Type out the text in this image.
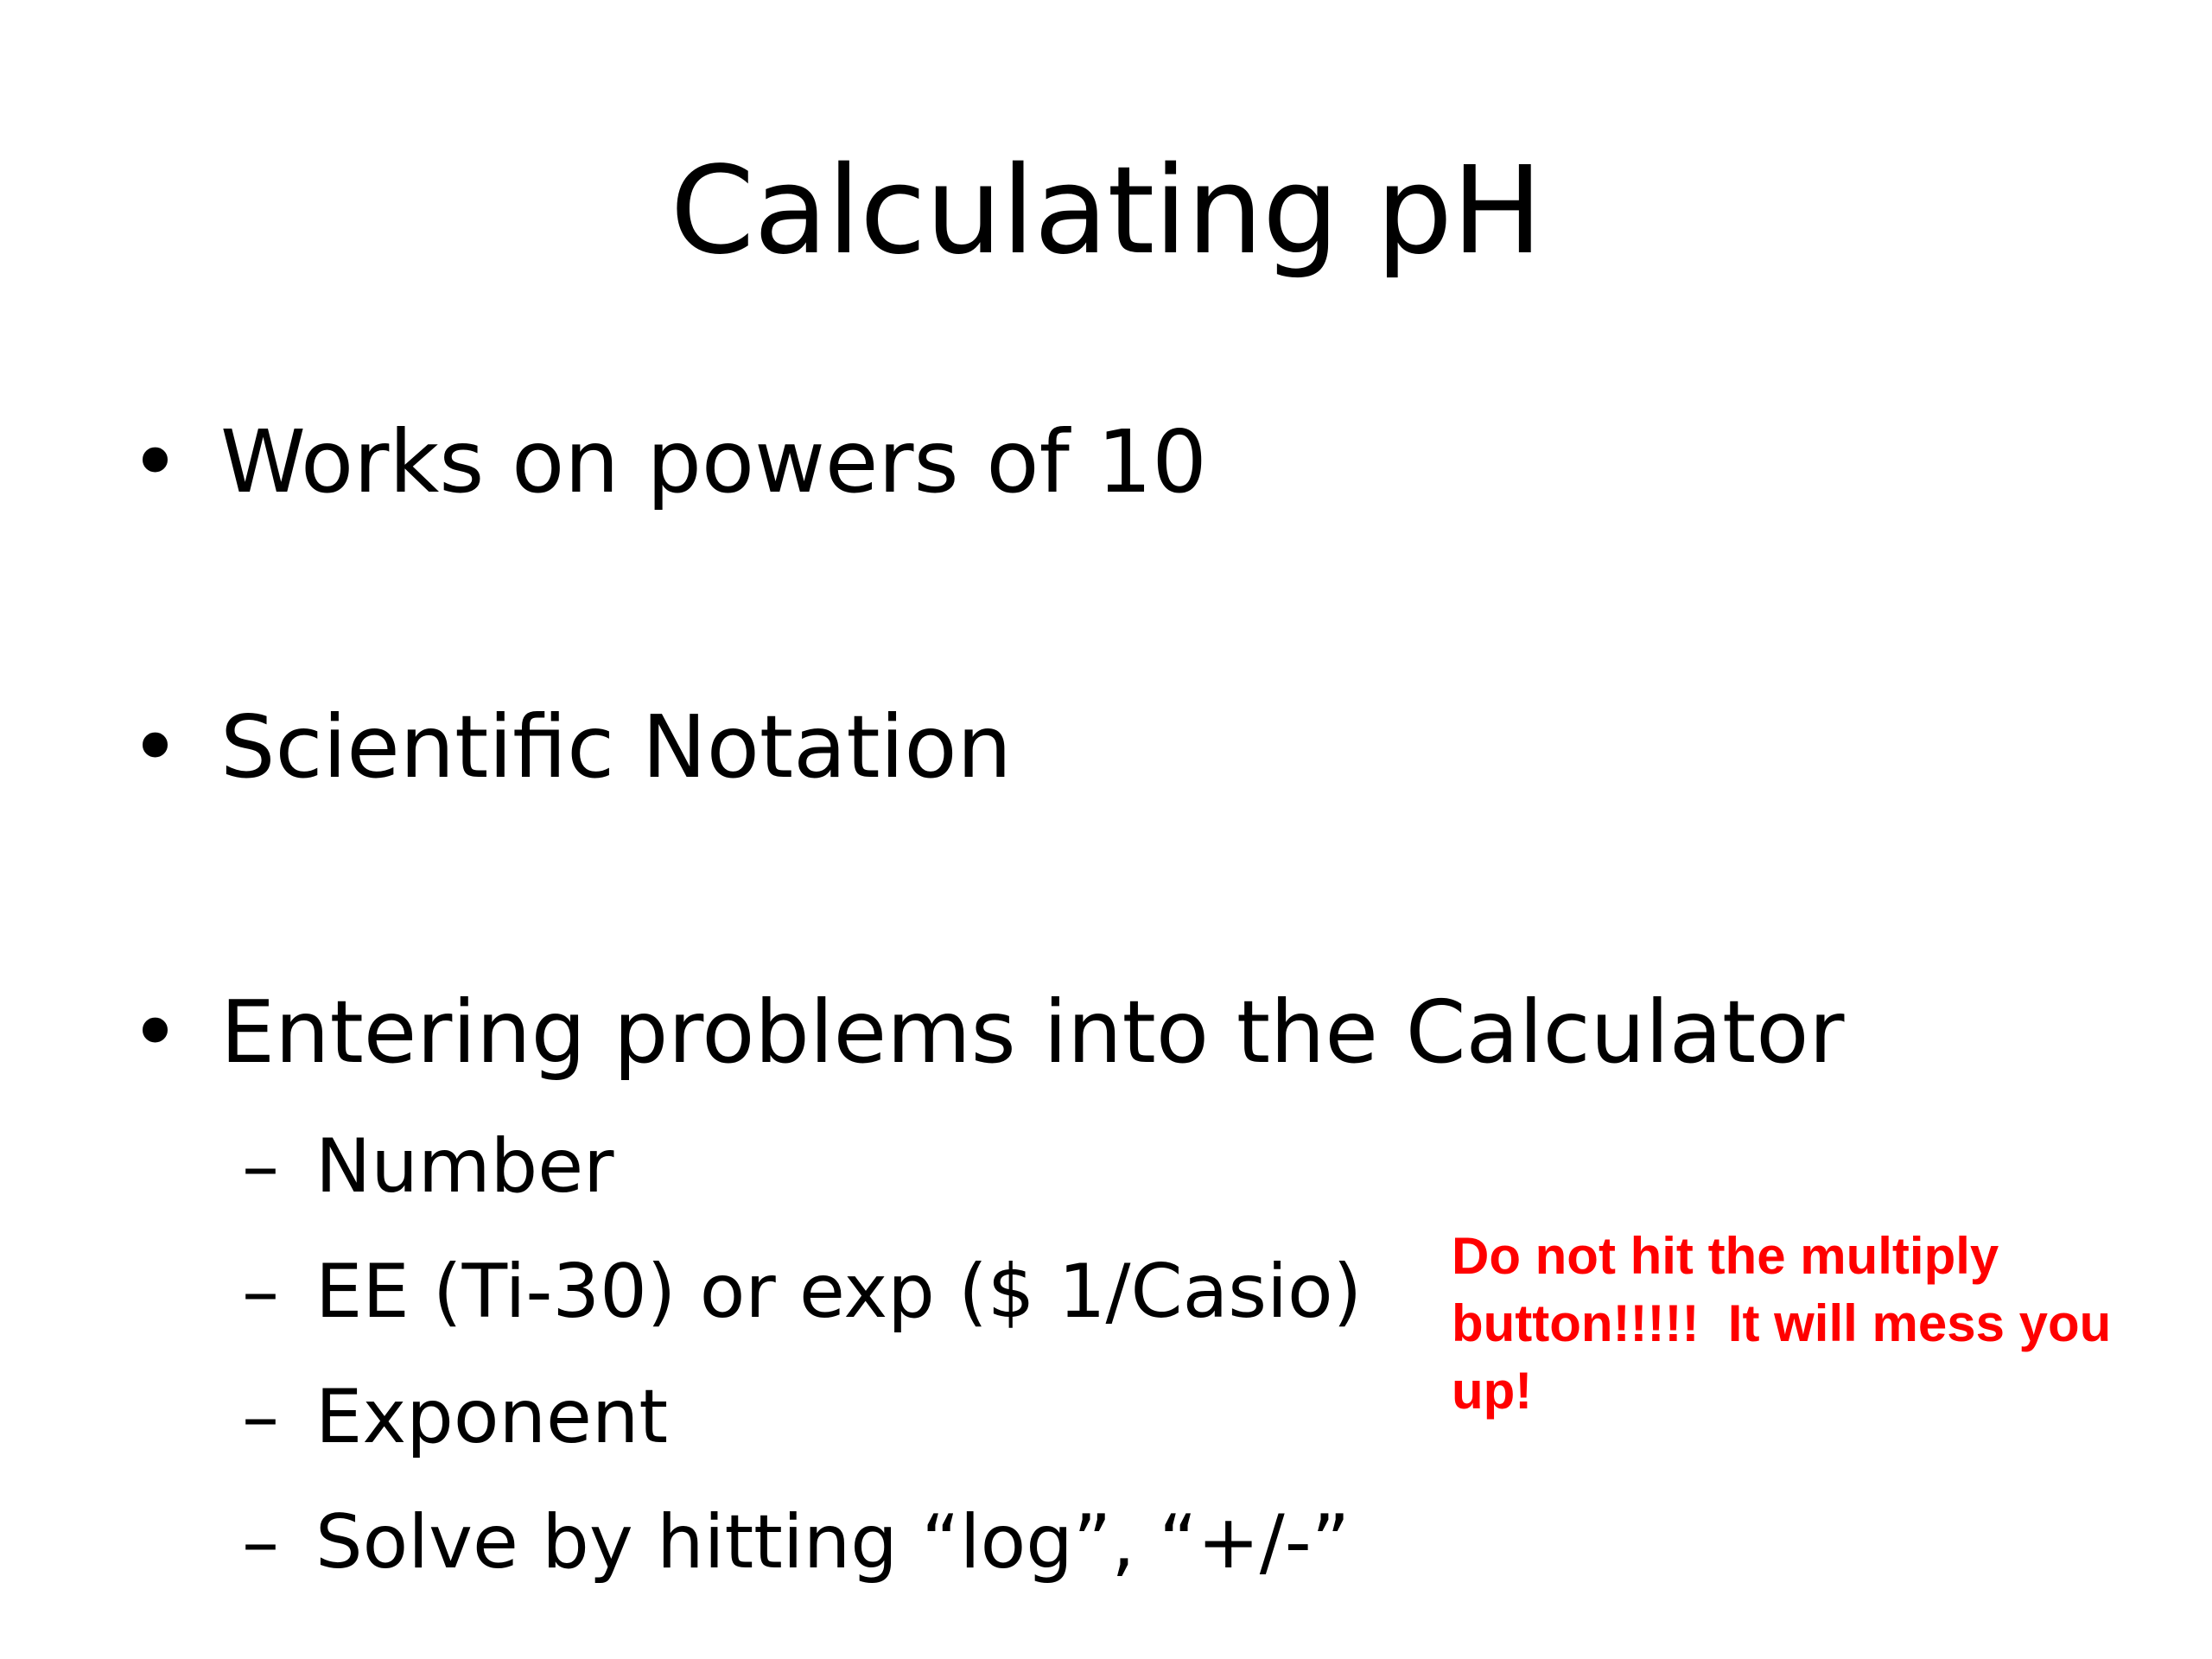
Calculating pH
• Works on powers of 10
• Scientific Notation
• Entering problems into the Calculator
– Number
– EE (Ti-30) or exp ($ 1/Casio)
– Exponent
– Solve by hitting “log”, “+/-”
Do not hit the multiply button!!!!!  It will mess you up!
